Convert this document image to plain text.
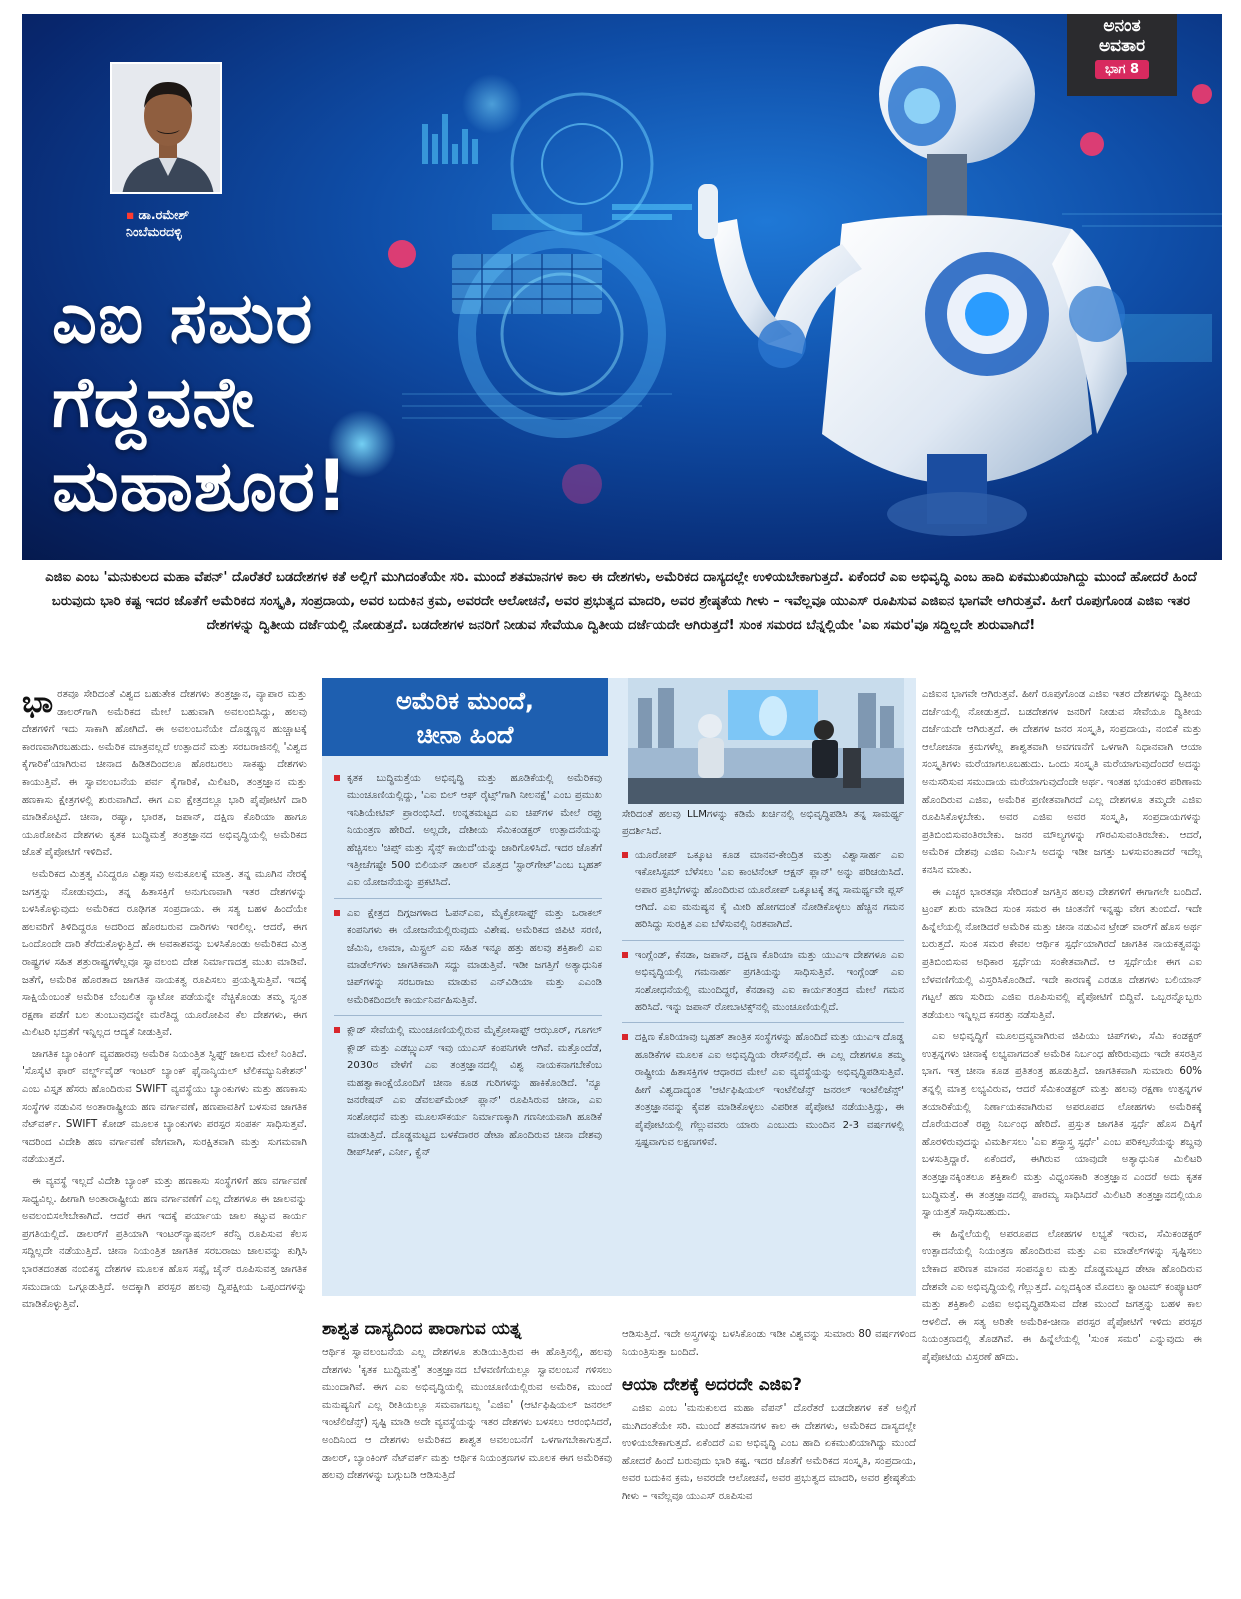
▪ ಡಾ.ರಮೇಶ್
ನಿಂಬೆಮರದಳ್ಳಿ
ಎಐ ಸಮರ
ಗೆದ್ದವನೇ
ಮಹಾಶೂರ!
ಅನಂತ
ಅವತಾರ
ಭಾಗ 8
ಎಜಿಐ ಎಂಬ 'ಮನುಕುಲದ ಮಹಾ ವೆಪನ್' ದೊರೆತರೆ ಬಡದೇಶಗಳ ಕತೆ ಅಲ್ಲಿಗೆ ಮುಗಿದಂತೆಯೇ ಸರಿ. ಮುಂದೆ ಶತಮಾನಗಳ ಕಾಲ ಈ ದೇಶಗಳು, ಅಮೆರಿಕದ ದಾಸ್ಯದಲ್ಲೇ ಉಳಿಯಬೇಕಾಗುತ್ತದೆ. ಏಕೆಂದರೆ ಎಐ ಅಭಿವೃದ್ಧಿ ಎಂಬ ಹಾದಿ ಏಕಮುಖಿಯಾಗಿದ್ದು ಮುಂದೆ ಹೋದರೆ ಹಿಂದೆ ಬರುವುದು ಭಾರಿ ಕಷ್ಟ ಇದರ ಜೊತೆಗೆ ಅಮೆರಿಕದ ಸಂಸ್ಕೃತಿ, ಸಂಪ್ರದಾಯ, ಅವರ ಬದುಕಿನ ಕ್ರಮ, ಅವರದೇ ಆಲೋಚನೆ, ಅವರ ಪ್ರಭುತ್ವದ ಮಾದರಿ, ಅವರ ಶ್ರೇಷ್ಠತೆಯ ಗೀಳು – ಇವೆಲ್ಲವೂ ಯುಎಸ್ ರೂಪಿಸುವ ಎಜಿಐನ ಭಾಗವೇ ಆಗಿರುತ್ತವೆ. ಹೀಗೆ ರೂಪುಗೊಂಡ ಎಜಿಐ ಇತರ ದೇಶಗಳನ್ನು ದ್ವಿತೀಯ ದರ್ಜೆಯಲ್ಲಿ ನೋಡುತ್ತದೆ. ಬಡದೇಶಗಳ ಜನರಿಗೆ ನೀಡುವ ಸೇವೆಯೂ ದ್ವಿತೀಯ ದರ್ಜೆಯದೇ ಆಗಿರುತ್ತದೆ! ಸುಂಕ ಸಮರದ ಬೆನ್ನಲ್ಲಿಯೇ 'ಎಐ ಸಮರ'ವೂ ಸದ್ದಿಲ್ಲದೇ ಶುರುವಾಗಿದೆ!

ಭಾರತವೂ ಸೇರಿದಂತೆ ವಿಶ್ವದ ಬಹುತೇಕ ದೇಶಗಳು ತಂತ್ರಜ್ಞಾನ, ವ್ಯಾಪಾರ ಮತ್ತು ಡಾಲರ್‌ಗಾಗಿ ಅಮೆರಿಕದ ಮೇಲೆ ಬಹುವಾಗಿ ಅವಲಂಬಿಸಿದ್ದು, ಹಲವು ದೇಶಗಳಿಗೆ ಇದು ಸಾಕಾಗಿ ಹೋಗಿದೆ. ಈ ಅವಲಂಬನೆಯೇ ದೊಡ್ಡಣ್ಣನ ಹುಚ್ಚಾಟಕ್ಕೆ ಕಾರಣವಾಗಿರಬಹುದು. ಅಮೆರಿಕ ಮಾತ್ರವಲ್ಲದೆ ಉತ್ಪಾದನೆ ಮತ್ತು ಸರಬರಾಜಿನಲ್ಲಿ 'ವಿಶ್ವದ ಕೈಗಾರಿಕೆ'ಯಾಗಿರುವ ಚೀನಾದ ಹಿಡಿತದಿಂದಲೂ ಹೊರಬರಲು ಸಾಕಷ್ಟು ದೇಶಗಳು ಕಾಯುತ್ತಿವೆ. ಈ ಸ್ವಾವಲಂಬನೆಯ ಪರ್ವ ಕೈಗಾರಿಕೆ, ಮಿಲಿಟರಿ, ತಂತ್ರಜ್ಞಾನ ಮತ್ತು ಹಣಕಾಸು ಕ್ಷೇತ್ರಗಳಲ್ಲಿ ಶುರುವಾಗಿದೆ. ಈಗ ಎಐ ಕ್ಷೇತ್ರದಲ್ಲೂ ಭಾರಿ ಪೈಪೋಟಿಗೆ ದಾರಿ ಮಾಡಿಕೊಟ್ಟಿದೆ. ಚೀನಾ, ರಷ್ಯಾ, ಭಾರತ, ಜಪಾನ್, ದಕ್ಷಿಣ ಕೊರಿಯಾ ಹಾಗೂ ಯೂರೋಪಿನ ದೇಶಗಳು ಕೃತಕ ಬುದ್ಧಿಮತ್ತೆ ತಂತ್ರಜ್ಞಾನದ ಅಭಿವೃದ್ಧಿಯಲ್ಲಿ ಅಮೆರಿಕದ ಜೊತೆ ಪೈಪೋಟಿಗೆ ಇಳಿದಿವೆ.

ಅಮೆರಿಕದ ಮಿತ್ರತ್ವ ವಿನಿದ್ದರೂ ವಿಶ್ವಾಸವು ಅನುಕೂಲಕ್ಕೆ ಮಾತ್ರ. ತನ್ನ ಮೂಗಿನ ನೇರಕ್ಕೆ ಜಗತ್ತನ್ನು ನೋಡುವುದು, ತನ್ನ ಹಿತಾಸಕ್ತಿಗೆ ಅನುಗುಣವಾಗಿ ಇತರ ದೇಶಗಳನ್ನು ಬಳಸಿಕೊಳ್ಳುವುದು ಅಮೆರಿಕದ ರೂಢಿಗತ ಸಂಪ್ರದಾಯ. ಈ ಸತ್ಯ ಬಹಳ ಹಿಂದೆಯೇ ಹಲವರಿಗೆ ತಿಳಿದಿದ್ದರೂ ಅದರಿಂದ ಹೊರಬರುವ ದಾರಿಗಳು ಇರಲಿಲ್ಲ. ಆದರೆ, ಈಗ ಒಂದೊಂದೇ ದಾರಿ ತೆರೆದುಕೊಳ್ಳುತ್ತಿದೆ. ಈ ಅವಕಾಶವನ್ನು ಬಳಸಿಕೊಂಡು ಅಮೆರಿಕದ ಮಿತ್ರ ರಾಷ್ಟ್ರಗಳ ಸಹಿತ ಶತ್ರುರಾಷ್ಟ್ರಗಳೆಲ್ಲವೂ ಸ್ವಾವಲಂಬಿ ದೇಶ ನಿರ್ಮಾಣದತ್ತ ಮುಖ ಮಾಡಿವೆ. ಜತೆಗೆ, ಅಮೆರಿಕ ಹೊರತಾದ ಜಾಗತಿಕ ನಾಯಕತ್ವ ರೂಪಿಸಲು ಪ್ರಯತ್ನಿಸುತ್ತಿವೆ. ಇದಕ್ಕೆ ಸಾಕ್ಷಿಯೆಂಬಂತೆ ಅಮೆರಿಕ ಬೆಂಬಲಿತ ನ್ಯಾಟೋ ಪಡೆಯನ್ನೇ ನೆಚ್ಚಿಕೊಂಡು ತಮ್ಮ ಸ್ವಂತ ರಕ್ಷಣಾ ಪಡೆಗೆ ಬಲ ತುಂಬುವುದನ್ನೇ ಮರೆತಿದ್ದ ಯೂರೋಪಿನ ಕೆಲ ದೇಶಗಳು, ಈಗ ಮಿಲಿಟರಿ ಭದ್ರತೆಗೆ ಇನ್ನಿಲ್ಲದ ಆದ್ಯತೆ ನೀಡುತ್ತಿವೆ.

ಜಾಗತಿಕ ಬ್ಯಾಂಕಿಂಗ್ ವ್ಯವಹಾರವು ಅಮೆರಿಕ ನಿಯಂತ್ರಿತ ಸ್ವಿಫ್ಟ್ ಜಾಲದ ಮೇಲೆ ನಿಂತಿದೆ. 'ಸೊಸೈಟಿ ಫಾರ್ ವರ್ಲ್ಡ್‌ವೈಡ್ ಇಂಟರ್ ಬ್ಯಾಂಕ್ ಫೈನಾನ್ಶಿಯಲ್ ಟೆಲಿಕಮ್ಯುನಿಕೇಶನ್' ಎಂಬ ವಿಸ್ತೃತ ಹೆಸರು ಹೊಂದಿರುವ SWIFT ವ್ಯವಸ್ಥೆಯು ಬ್ಯಾಂಕುಗಳು ಮತ್ತು ಹಣಕಾಸು ಸಂಸ್ಥೆಗಳ ನಡುವಿನ ಅಂತಾರಾಷ್ಟ್ರೀಯ ಹಣ ವರ್ಗಾವಣೆ, ಹಣಪಾವತಿಗೆ ಬಳಸುವ ಜಾಗತಿಕ ನೆಟ್‌ವರ್ಕ್. SWIFT ಕೋಡ್ ಮೂಲಕ ಬ್ಯಾಂಕುಗಳು ಪರಸ್ಪರ ಸಂಪರ್ಕ ಸಾಧಿಸುತ್ತವೆ. ಇದರಿಂದ ವಿದೇಶಿ ಹಣ ವರ್ಗಾವಣೆ ವೇಗವಾಗಿ, ಸುರಕ್ಷಿತವಾಗಿ ಮತ್ತು ಸುಗಮವಾಗಿ ನಡೆಯುತ್ತದೆ.

ಈ ವ್ಯವಸ್ಥೆ ಇಲ್ಲದೆ ವಿದೇಶಿ ಬ್ಯಾಂಕ್ ಮತ್ತು ಹಣಕಾಸು ಸಂಸ್ಥೆಗಳಿಗೆ ಹಣ ವರ್ಗಾವಣೆ ಸಾಧ್ಯವಿಲ್ಲ. ಹೀಗಾಗಿ ಅಂತಾರಾಷ್ಟ್ರೀಯ ಹಣ ವರ್ಗಾವಣೆಗೆ ಎಲ್ಲ ದೇಶಗಳೂ ಈ ಜಾಲವನ್ನು ಅವಲಂಬಿಸಲೇಬೇಕಾಗಿದೆ. ಆದರೆ ಈಗ ಇದಕ್ಕೆ ಪರ್ಯಾಯ ಜಾಲ ಕಟ್ಟುವ ಕಾರ್ಯ ಪ್ರಗತಿಯಲ್ಲಿದೆ. ಡಾಲರ್‌ಗೆ ಪ್ರತಿಯಾಗಿ ಇಂಟರ್‌ನ್ಯಾಷನಲ್ ಕರೆನ್ಸಿ ರೂಪಿಸುವ ಕೆಲಸ ಸದ್ದಿಲ್ಲದೇ ನಡೆಯುತ್ತಿದೆ. ಚೀನಾ ನಿಯಂತ್ರಿತ ಜಾಗತಿಕ ಸರಬರಾಜು ಜಾಲವನ್ನು ಕುಗ್ಗಿಸಿ ಭಾರತದಂತಹ ನಂಬಿಕಸ್ಥ ದೇಶಗಳ ಮೂಲಕ ಹೊಸ ಸಪ್ಲೈ ಚೈನ್ ರೂಪಿಸುವತ್ತ ಜಾಗತಿಕ ಸಮುದಾಯ ಒಗ್ಗೂಡುತ್ತಿದೆ. ಅದಕ್ಕಾಗಿ ಪರಸ್ಪರ ಹಲವು ದ್ವಿಪಕ್ಷೀಯ ಒಪ್ಪಂದಗಳನ್ನು ಮಾಡಿಕೊಳ್ಳುತ್ತಿವೆ.

ಅಮೆರಿಕ ಮುಂದೆ,
ಚೀನಾ ಹಿಂದೆ
ಕೃತಕ ಬುದ್ಧಿಮತ್ತೆಯ ಅಭಿವೃದ್ಧಿ ಮತ್ತು ಹೂಡಿಕೆಯಲ್ಲಿ ಅಮೆರಿಕವು ಮುಂಚೂಣಿಯಲ್ಲಿದ್ದು, 'ಎಐ ಬಿಲ್ ಆಫ್ ರೈಟ್ಸ್'ಗಾಗಿ ನೀಲನಕ್ಷೆ' ಎಂಬ ಪ್ರಮುಖ ಇನಿಶಿಯೇಟಿವ್ ಪ್ರಾರಂಭಿಸಿದೆ. ಉನ್ನತಮಟ್ಟದ ಎಐ ಚಿಪ್‌ಗಳ ಮೇಲೆ ರಫ್ತು ನಿಯಂತ್ರಣ ಹೇರಿದೆ. ಅಲ್ಲದೇ, ದೇಶೀಯ ಸೆಮಿಕಂಡಕ್ಟರ್ ಉತ್ಪಾದನೆಯನ್ನು ಹೆಚ್ಚಿಸಲು 'ಚಿಪ್ಸ್ ಮತ್ತು ಸೈನ್ಸ್ ಕಾಯಿದೆ'ಯನ್ನು ಜಾರಿಗೊಳಿಸಿದೆ. ಇದರ ಜೊತೆಗೆ ಇತ್ತೀಚೆಗಷ್ಟೇ 500 ಬಿಲಿಯನ್ ಡಾಲರ್ ಮೊತ್ತದ 'ಸ್ಟಾರ್‌ಗೇಟ್'ಎಂಬ ಬೃಹತ್ ಎಐ ಯೋಜನೆಯನ್ನು ಪ್ರಕಟಿಸಿದೆ.
ಎಐ ಕ್ಷೇತ್ರದ ದಿಗ್ಗಜಗಳಾದ ಓಪನ್‌ಎಐ, ಮೈಕ್ರೋಸಾಫ್ಟ್ ಮತ್ತು ಒರಾಕಲ್ ಕಂಪನಿಗಳು ಈ ಯೋಜನೆಯಲ್ಲಿರುವುದು ವಿಶೇಷ. ಅಮೆರಿಕದ ಜಿಪಿಟಿ ಸರಣಿ, ಜೆಮಿನಿ, ಲಾಮಾ, ಮಿಸ್ಟ್ರಲ್ ಎಐ ಸಹಿತ ಇನ್ನೂ ಹತ್ತು ಹಲವು ಶಕ್ತಿಶಾಲಿ ಎಐ ಮಾಡೆಲ್‌ಗಳು ಜಾಗತಿಕವಾಗಿ ಸದ್ದು ಮಾಡುತ್ತಿವೆ. ಇಡೀ ಜಗತ್ತಿಗೆ ಅತ್ಯಾಧುನಿಕ ಚಿಪ್‌ಗಳನ್ನು ಸರಬರಾಜು ಮಾಡುವ ಎನ್‌ವಿಡಿಯಾ ಮತ್ತು ಎಎಂಡಿ ಅಮೆರಿಕದಿಂದಲೇ ಕಾರ್ಯನಿರ್ವಹಿಸುತ್ತಿವೆ.
ಕ್ಲೌಡ್ ಸೇವೆಯಲ್ಲಿ ಮುಂಚೂಣಿಯಲ್ಲಿರುವ ಮೈಕ್ರೋಸಾಫ್ಟ್ ಆಝೂರ್, ಗೂಗಲ್ ಕ್ಲೌಡ್ ಮತ್ತು ಎಡಬ್ಲ್ಯುಎಸ್ ಇವು ಯುಎಸ್ ಕಂಪನಿಗಳೇ ಆಗಿವೆ. ಮತ್ತೊಂದೆಡೆ, 2030ರ ವೇಳೆಗೆ ಎಐ ತಂತ್ರಜ್ಞಾನದಲ್ಲಿ ವಿಶ್ವ ನಾಯಕನಾಗಬೇಕೆಂಬ ಮಹತ್ವಾಕಾಂಕ್ಷೆಯೊಂದಿಗೆ ಚೀನಾ ಕೂಡ ಗುರಿಗಳನ್ನು ಹಾಕಿಕೊಂಡಿದೆ. 'ನ್ಯೂ ಜನರೇಷನ್ ಎಐ ಡೆವಲಪ್‌ಮೆಂಟ್ ಪ್ಲಾನ್' ರೂಪಿಸಿರುವ ಚೀನಾ, ಎಐ ಸಂಶೋಧನೆ ಮತ್ತು ಮೂಲಸೌಕರ್ಯ ನಿರ್ಮಾಣಕ್ಕಾಗಿ ಗಣನೀಯವಾಗಿ ಹೂಡಿಕೆ ಮಾಡುತ್ತಿದೆ. ದೊಡ್ಡಮಟ್ಟದ ಬಳಕೆದಾರರ ಡೇಟಾ ಹೊಂದಿರುವ ಚೀನಾ ದೇಶವು ಡೀಪ್‌ಸೀಕ್, ಎರ್ನೀ, ಕ್ವೆನ್
ಸೇರಿದಂತೆ ಹಲವು LLMಗಳನ್ನು ಕಡಿಮೆ ಖರ್ಚಿನಲ್ಲಿ ಅಭಿವೃದ್ಧಿಪಡಿಸಿ ತನ್ನ ಸಾಮರ್ಥ್ಯ ಪ್ರದರ್ಶಿಸಿದೆ.
ಯೂರೋಪ್ ಒಕ್ಕೂಟ ಕೂಡ ಮಾನವ-ಕೇಂದ್ರಿತ ಮತ್ತು ವಿಶ್ವಾಸಾರ್ಹ ಎಐ ಇಕೋಸಿಸ್ಟಮ್ ಬೆಳೆಸಲು 'ಎಐ ಕಾಂಟಿನೆಂಟ್ ಆಕ್ಷನ್ ಪ್ಲಾನ್' ಅನ್ನು ಪರಿಚಯಿಸಿದೆ. ಅಪಾರ ಪ್ರತಿಭೆಗಳನ್ನು ಹೊಂದಿರುವ ಯೂರೋಪ್ ಒಕ್ಕೂಟಕ್ಕೆ ತನ್ನ ಸಾಮರ್ಥ್ಯವೇ ಪ್ಲಸ್ ಆಗಿದೆ. ಎಐ ಮನುಷ್ಯನ ಕೈ ಮೀರಿ ಹೋಗದಂತೆ ನೋಡಿಕೊಳ್ಳಲು ಹೆಚ್ಚಿನ ಗಮನ ಹರಿಸಿದ್ದು ಸುರಕ್ಷಿತ ಎಐ ಬೆಳೆಸುವಲ್ಲಿ ನಿರತವಾಗಿದೆ.
ಇಂಗ್ಲೆಂಡ್, ಕೆನಡಾ, ಜಪಾನ್, ದಕ್ಷಿಣ ಕೊರಿಯಾ ಮತ್ತು ಯುಎಇ ದೇಶಗಳೂ ಎಐ ಅಭಿವೃದ್ಧಿಯಲ್ಲಿ ಗಮನಾರ್ಹ ಪ್ರಗತಿಯನ್ನು ಸಾಧಿಸುತ್ತಿವೆ. ಇಂಗ್ಲೆಂಡ್ ಎಐ ಸಂಶೋಧನೆಯಲ್ಲಿ ಮುಂದಿದ್ದರೆ, ಕೆನಡಾವು ಎಐ ಕಾರ್ಯತಂತ್ರದ ಮೇಲೆ ಗಮನ ಹರಿಸಿದೆ. ಇನ್ನು ಜಪಾನ್ ರೋಬಾಟಿಕ್ಸ್‌ನಲ್ಲಿ ಮುಂಚೂಣಿಯಲ್ಲಿದೆ.
ದಕ್ಷಿಣ ಕೊರಿಯಾವು ಬೃಹತ್ ತಾಂತ್ರಿಕ ಸಂಸ್ಥೆಗಳನ್ನು ಹೊಂದಿದೆ ಮತ್ತು ಯುಎಇ ದೊಡ್ಡ ಹೂಡಿಕೆಗಳ ಮೂಲಕ ಎಐ ಅಭಿವೃದ್ಧಿಯ ರೇಸ್‌ನಲ್ಲಿದೆ. ಈ ಎಲ್ಲ ದೇಶಗಳೂ ತಮ್ಮ ರಾಷ್ಟ್ರೀಯ ಹಿತಾಸಕ್ತಿಗಳ ಆಧಾರದ ಮೇಲೆ ಎಐ ವ್ಯವಸ್ಥೆಯನ್ನು ಅಭಿವೃದ್ಧಿಪಡಿಸುತ್ತಿವೆ. ಹೀಗೆ ವಿಶ್ವದಾದ್ಯಂತ 'ಆರ್ಟಿಫಿಷಿಯಲ್ ಇಂಟೆಲಿಜೆನ್ಸ್ ಜನರಲ್ ಇಂಟೆಲಿಜೆನ್ಸ್' ತಂತ್ರಜ್ಞಾನವನ್ನು ಕೈವಶ ಮಾಡಿಕೊಳ್ಳಲು ವಿಪರೀತ ಪೈಪೋಟಿ ನಡೆಯುತ್ತಿದ್ದು, ಈ ಪೈಪೋಟಿಯಲ್ಲಿ ಗೆಲ್ಲುವವರು ಯಾರು ಎಂಬುದು ಮುಂದಿನ 2-3 ವರ್ಷಗಳಲ್ಲಿ ಸ್ಪಷ್ಟವಾಗುವ ಲಕ್ಷಣಗಳಿವೆ.
ಶಾಶ್ವತ ದಾಸ್ಯದಿಂದ ಪಾರಾಗುವ ಯತ್ನ

ಆರ್ಥಿಕ ಸ್ವಾವಲಂಬನೆಯ ಎಲ್ಲ ದೇಶಗಳೂ ತುಡಿಯುತ್ತಿರುವ ಈ ಹೊತ್ತಿನಲ್ಲಿ, ಹಲವು ದೇಶಗಳು 'ಕೃತಕ ಬುದ್ಧಿಮತ್ತೆ' ತಂತ್ರಜ್ಞಾನದ ಬೆಳವಣಿಗೆಯಲ್ಲೂ ಸ್ವಾವಲಂಬನೆ ಗಳಿಸಲು ಮುಂದಾಗಿವೆ. ಈಗ ಎಐ ಅಭಿವೃದ್ಧಿಯಲ್ಲಿ ಮುಂಚೂಣಿಯಲ್ಲಿರುವ ಅಮೆರಿಕ, ಮುಂದೆ ಮನುಷ್ಯನಿಗೆ ಎಲ್ಲ ರೀತಿಯಲ್ಲೂ ಸಮವಾಗಬಲ್ಲ 'ಎಜಿಐ' (ಆರ್ಟಿಫಿಷಿಯಲ್ ಜನರಲ್ ಇಂಟೆಲಿಜೆನ್ಸ್) ಸೃಷ್ಟಿ ಮಾಡಿ ಅದೇ ವ್ಯವಸ್ಥೆಯನ್ನು ಇತರ ದೇಶಗಳು ಬಳಸಲು ಆರಂಭಿಸಿದರೆ, ಅಂದಿನಿಂದ ಆ ದೇಶಗಳು ಅಮೆರಿಕದ ಶಾಶ್ವತ ಅವಲಂಬನೆಗೆ ಒಳಗಾಗಬೇಕಾಗುತ್ತದೆ. ಡಾಲರ್, ಬ್ಯಾಂಕಿಂಗ್ ನೆಟ್‌ವರ್ಕ್ ಮತ್ತು ಆರ್ಥಿಕ ನಿಯಂತ್ರಣಗಳ ಮೂಲಕ ಈಗ ಅಮೆರಿಕವು ಹಲವು ದೇಶಗಳನ್ನು ಬಗ್ಗುಬಡಿ ಆಡಿಸುತ್ತಿದೆ

ಆಡಿಸುತ್ತಿದೆ. ಇದೇ ಅಸ್ತ್ರಗಳನ್ನು ಬಳಸಿಕೊಂಡು ಇಡೀ ವಿಶ್ವವನ್ನು ಸುಮಾರು 80 ವರ್ಷಗಳಿಂದ ನಿಯಂತ್ರಿಸುತ್ತಾ ಬಂದಿದೆ.

ಆಯಾ ದೇಶಕ್ಕೆ ಅದರದೇ ಎಜಿಐ?

ಎಜಿಐ ಎಂಬ 'ಮನುಕುಲದ ಮಹಾ ವೆಪನ್' ದೊರೆತರೆ ಬಡದೇಶಗಳ ಕತೆ ಅಲ್ಲಿಗೆ ಮುಗಿದಂತೆಯೇ ಸರಿ. ಮುಂದೆ ಶತಮಾನಗಳ ಕಾಲ ಈ ದೇಶಗಳು, ಅಮೆರಿಕದ ದಾಸ್ಯದಲ್ಲೇ ಉಳಿಯಬೇಕಾಗುತ್ತದೆ. ಏಕೆಂದರೆ ಎಐ ಅಭಿವೃದ್ಧಿ ಎಂಬ ಹಾದಿ ಏಕಮುಖಿಯಾಗಿದ್ದು ಮುಂದೆ ಹೋದರೆ ಹಿಂದೆ ಬರುವುದು ಭಾರಿ ಕಷ್ಟ. ಇದರ ಜೊತೆಗೆ ಅಮೆರಿಕದ ಸಂಸ್ಕೃತಿ, ಸಂಪ್ರದಾಯ, ಅವರ ಬದುಕಿನ ಕ್ರಮ, ಅವರದೇ ಆಲೋಚನೆ, ಅವರ ಪ್ರಭುತ್ವದ ಮಾದರಿ, ಅವರ ಶ್ರೇಷ್ಠತೆಯ ಗೀಳು – ಇವೆಲ್ಲವೂ ಯುಎಸ್ ರೂಪಿಸುವ

ಎಜಿಐನ ಭಾಗವೇ ಆಗಿರುತ್ತವೆ. ಹೀಗೆ ರೂಪುಗೊಂಡ ಎಜಿಐ ಇತರ ದೇಶಗಳನ್ನು ದ್ವಿತೀಯ ದರ್ಜೆಯಲ್ಲಿ ನೋಡುತ್ತದೆ. ಬಡದೇಶಗಳ ಜನರಿಗೆ ನೀಡುವ ಸೇವೆಯೂ ದ್ವಿತೀಯ ದರ್ಜೆಯದೇ ಆಗಿರುತ್ತದೆ. ಈ ದೇಶಗಳ ಜನರ ಸಂಸ್ಕೃತಿ, ಸಂಪ್ರದಾಯ, ನಂಬಿಕೆ ಮತ್ತು ಆಲೋಚನಾ ಕ್ರಮಗಳೆಲ್ಲ ಶಾಶ್ವತವಾಗಿ ಅವಗಣನೆಗೆ ಒಳಗಾಗಿ ನಿಧಾನವಾಗಿ ಆಯಾ ಸಂಸ್ಕೃತಿಗಳು ಮರೆಯಾಗಲೂಬಹುದು. ಒಂದು ಸಂಸ್ಕೃತಿ ಮರೆಯಾಗುವುದೆಂದರೆ ಅದನ್ನು ಅನುಸರಿಸುವ ಸಮುದಾಯ ಮರೆಯಾಗುವುದೆಂದೇ ಅರ್ಥ. ಇಂತಹ ಭಯಂಕರ ಪರಿಣಾಮ ಹೊಂದಿರುವ ಎಜಿಐ, ಅಮೆರಿಕ ಪ್ರಣೀತವಾಗಿರದೆ ಎಲ್ಲ ದೇಶಗಳೂ ತಮ್ಮದೇ ಎಜಿಐ ರೂಪಿಸಿಕೊಳ್ಳಬೇಕು. ಅವರ ಎಜಿಐ ಅವರ ಸಂಸ್ಕೃತಿ, ಸಂಪ್ರದಾಯಗಳನ್ನು ಪ್ರತಿಬಿಂಬಿಸುವಂತಿರಬೇಕು. ಜನರ ಮೌಲ್ಯಗಳನ್ನು ಗೌರವಿಸುವಂತಿರಬೇಕು. ಆದರೆ, ಅಮೆರಿಕ ದೇಶವು ಎಜಿಐ ನಿರ್ಮಿಸಿ ಅದನ್ನು ಇಡೀ ಜಗತ್ತು ಬಳಸುವಂತಾದರೆ ಇದೆಲ್ಲ ಕನಸಿನ ಮಾತು.

ಈ ಎಚ್ಚರ ಭಾರತವೂ ಸೇರಿದಂತೆ ಜಗತ್ತಿನ ಹಲವು ದೇಶಗಳಿಗೆ ಈಗಾಗಲೇ ಬಂದಿದೆ. ಟ್ರಂಪ್ ಶುರು ಮಾಡಿದ ಸುಂಕ ಸಮರ ಈ ಚಿಂತನೆಗೆ ಇನ್ನಷ್ಟು ವೇಗ ತುಂಬಿದೆ. ಇದೇ ಹಿನ್ನೆಲೆಯಲ್ಲಿ ನೋಡಿದರೆ ಅಮೆರಿಕ ಮತ್ತು ಚೀನಾ ನಡುವಿನ ಟ್ರೇಡ್ ವಾರ್‌ಗೆ ಹೊಸ ಅರ್ಥ ಬರುತ್ತದೆ. ಸುಂಕ ಸಮರ ಕೇವಲ ಆರ್ಥಿಕ ಸ್ಪರ್ಧೆಯಾಗಿರದೆ ಜಾಗತಿಕ ನಾಯಕತ್ವವನ್ನು ಪ್ರತಿಬಿಂಬಿಸುವ ಅಧಿಕಾರ ಸ್ಪರ್ಧೆಯ ಸಂಕೇತವಾಗಿದೆ. ಆ ಸ್ಪರ್ಧೆಯೇ ಈಗ ಎಐ ಬೆಳವಣಿಗೆಯಲ್ಲಿ ವಿಸ್ತರಿಸಿಕೊಂಡಿದೆ. ಇದೇ ಕಾರಣಕ್ಕೆ ಎರಡೂ ದೇಶಗಳು ಬಲಿಯಾನ್ ಗಟ್ಟಲೆ ಹಣ ಸುರಿದು ಎಜಿಐ ರೂಪಿಸುವಲ್ಲಿ ಪೈಪೋಟಿಗೆ ಬಿದ್ದಿವೆ. ಒಬ್ಬರನ್ನೊಬ್ಬರು ತಡೆಯಲು ಇನ್ನಿಲ್ಲದ ಕಸರತ್ತು ನಡೆಸುತ್ತಿವೆ.

ಎಐ ಅಭಿವೃದ್ಧಿಗೆ ಮೂಲದ್ರವ್ಯವಾಗಿರುವ ಜಿಪಿಯು ಚಿಪ್‌ಗಳು, ಸೆಮಿ ಕಂಡಕ್ಟರ್ ಉತ್ಪನ್ನಗಳು ಚೀನಾಕ್ಕೆ ಲಭ್ಯವಾಗದಂತೆ ಅಮೆರಿಕ ನಿರ್ಬಂಧ ಹೇರಿರುವುದು ಇದೇ ಕಸರತ್ತಿನ ಭಾಗ. ಇತ್ತ ಚೀನಾ ಕೂಡ ಪ್ರತಿತಂತ್ರ ಹೂಡುತ್ತಿದೆ. ಜಾಗತಿಕವಾಗಿ ಸುಮಾರು 60% ತನ್ನಲ್ಲಿ ಮಾತ್ರ ಲಭ್ಯವಿರುವ, ಆದರೆ ಸೆಮಿಕಂಡಕ್ಟರ್ ಮತ್ತು ಹಲವು ರಕ್ಷಣಾ ಉತ್ಪನ್ನಗಳ ತಯಾರಿಕೆಯಲ್ಲಿ ನಿರ್ಣಾಯಕವಾಗಿರುವ ಅಪರೂಪದ ಲೋಹಗಳು ಅಮೆರಿಕಕ್ಕೆ ದೊರೆಯದಂತೆ ರಫ್ತು ನಿರ್ಬಂಧ ಹೇರಿದೆ. ಪ್ರಸ್ತುತ ಜಾಗತಿಕ ಸ್ಪರ್ಧೆ ಹೊಸ ದಿಕ್ಕಿಗೆ ಹೊರಳಿರುವುದನ್ನು ವಿಮರ್ಶಿಸಲು 'ಎಐ ಶಸ್ತ್ರಾಸ್ತ್ರ ಸ್ಪರ್ಧೆ' ಎಂಬ ಪರಿಕಲ್ಪನೆಯನ್ನು ಶಬ್ದವು ಬಳಸುತ್ತಿದ್ದಾರೆ. ಏಕೆಂದರೆ, ಈಗಿರುವ ಯಾವುದೇ ಅತ್ಯಾಧುನಿಕ ಮಿಲಿಟರಿ ತಂತ್ರಜ್ಞಾನಕ್ಕಿಂತಲೂ ಶಕ್ತಿಶಾಲಿ ಮತ್ತು ವಿಧ್ವಂಸಕಾರಿ ತಂತ್ರಜ್ಞಾನ ಎಂದರೆ ಅದು ಕೃತಕ ಬುದ್ಧಿಮತ್ತೆ. ಈ ತಂತ್ರಜ್ಞಾನದಲ್ಲಿ ಪಾರಮ್ಯ ಸಾಧಿಸಿದರೆ ಮಿಲಿಟರಿ ತಂತ್ರಜ್ಞಾನದಲ್ಲಿಯೂ ಸ್ವಾಯತ್ತತೆ ಸಾಧಿಸಬಹುದು.

ಈ ಹಿನ್ನೆಲೆಯಲ್ಲಿ ಅಪರೂಪದ ಲೋಹಗಳ ಲಭ್ಯತೆ ಇರುವ, ಸೆಮಿಕಂಡಕ್ಟರ್ ಉತ್ಪಾದನೆಯಲ್ಲಿ ನಿಯಂತ್ರಣ ಹೊಂದಿರುವ ಮತ್ತು ಎಐ ಮಾಡೆಲ್‌ಗಳನ್ನು ಸೃಷ್ಟಿಸಲು ಬೇಕಾದ ಪರಿಣತ ಮಾನವ ಸಂಪನ್ಮೂಲ ಮತ್ತು ದೊಡ್ಡಮಟ್ಟದ ಡೇಟಾ ಹೊಂದಿರುವ ದೇಶವೇ ಎಐ ಅಭಿವೃದ್ಧಿಯಲ್ಲಿ ಗೆಲ್ಲುತ್ತದೆ. ಎಲ್ಲದಕ್ಕಿಂತ ಮೊದಲು ಕ್ವಾಂಟಮ್ ಕಂಪ್ಯೂಟರ್ ಮತ್ತು ಶಕ್ತಿಶಾಲಿ ಎಜಿಐ ಅಭಿವೃದ್ಧಿಪಡಿಸುವ ದೇಶ ಮುಂದೆ ಜಗತ್ತನ್ನು ಬಹಳ ಕಾಲ ಆಳಲಿದೆ. ಈ ಸತ್ಯ ಅರಿತೇ ಅಮೆರಿಕ-ಚೀನಾ ಪರಸ್ಪರ ಪೈಪೋಟಿಗೆ ಇಳಿದು ಪರಸ್ಪರ ನಿಯಂತ್ರಣದಲ್ಲಿ ತೊಡಗಿವೆ. ಈ ಹಿನ್ನೆಲೆಯಲ್ಲಿ 'ಸುಂಕ ಸಮರ' ಎನ್ನುವುದು ಈ ಪೈಪೋಟಿಯ ವಿಸ್ತರಣೆ ಹೌದು.
